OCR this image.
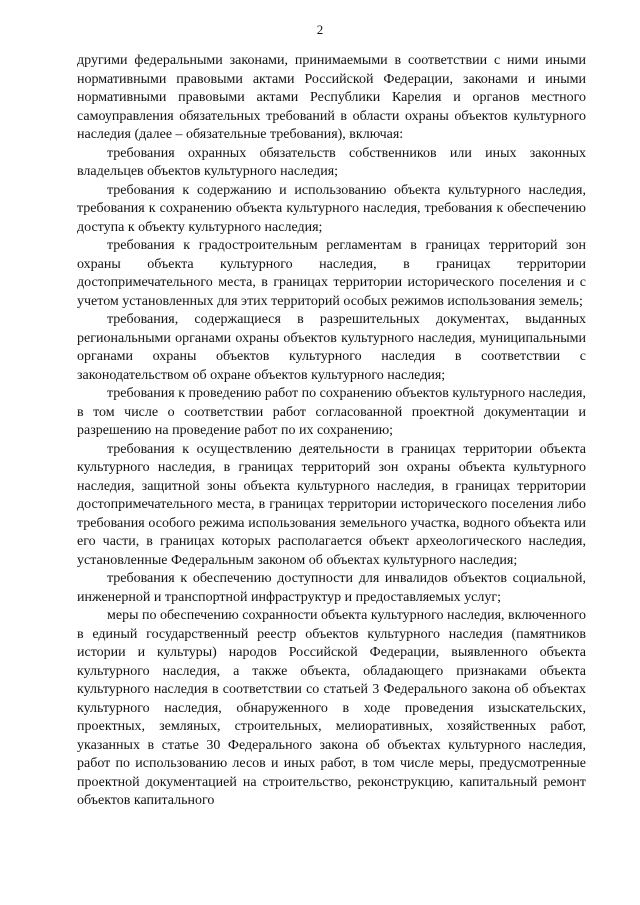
2

другими федеральными законами, принимаемыми в соответствии с ними иными нормативными правовыми актами Российской Федерации, законами и иными нормативными правовыми актами Республики Карелия и органов местного самоуправления обязательных требований в области охраны объектов культурного наследия (далее – обязательные требования), включая:

требования охранных обязательств собственников или иных законных владельцев объектов культурного наследия;

требования к содержанию и использованию объекта культурного наследия, требования к сохранению объекта культурного наследия, требования к обеспечению доступа к объекту культурного наследия;

требования к градостроительным регламентам в границах территорий зон охраны объекта культурного наследия, в границах территории достопримечательного места, в границах территории исторического поселения и с учетом установленных для этих территорий особых режимов использования земель;

требования, содержащиеся в разрешительных документах, выданных региональными органами охраны объектов культурного наследия, муниципальными органами охраны объектов культурного наследия в соответствии с законодательством об охране объектов культурного наследия;

требования к проведению работ по сохранению объектов культурного наследия, в том числе о соответствии работ согласованной проектной документации и разрешению на проведение работ по их сохранению;

требования к осуществлению деятельности в границах территории объекта культурного наследия, в границах территорий зон охраны объекта культурного наследия, защитной зоны объекта культурного наследия, в границах территории достопримечательного места, в границах территории исторического поселения либо требования особого режима использования земельного участка, водного объекта или его части, в границах которых располагается объект археологического наследия, установленные Федеральным законом об объектах культурного наследия;

требования к обеспечению доступности для инвалидов объектов социальной, инженерной и транспортной инфраструктур и предоставляемых услуг;

меры по обеспечению сохранности объекта культурного наследия, включенного в единый государственный реестр объектов культурного наследия (памятников истории и культуры) народов Российской Федерации, выявленного объекта культурного наследия, а также объекта, обладающего признаками объекта культурного наследия в соответствии со статьей 3 Федерального закона об объектах культурного наследия, обнаруженного в ходе проведения изыскательских, проектных, земляных, строительных, мелиоративных, хозяйственных работ, указанных в статье 30 Федерального закона об объектах культурного наследия, работ по использованию лесов и иных работ, в том числе меры, предусмотренные проектной документацией на строительство, реконструкцию, капитальный ремонт объектов капитального
